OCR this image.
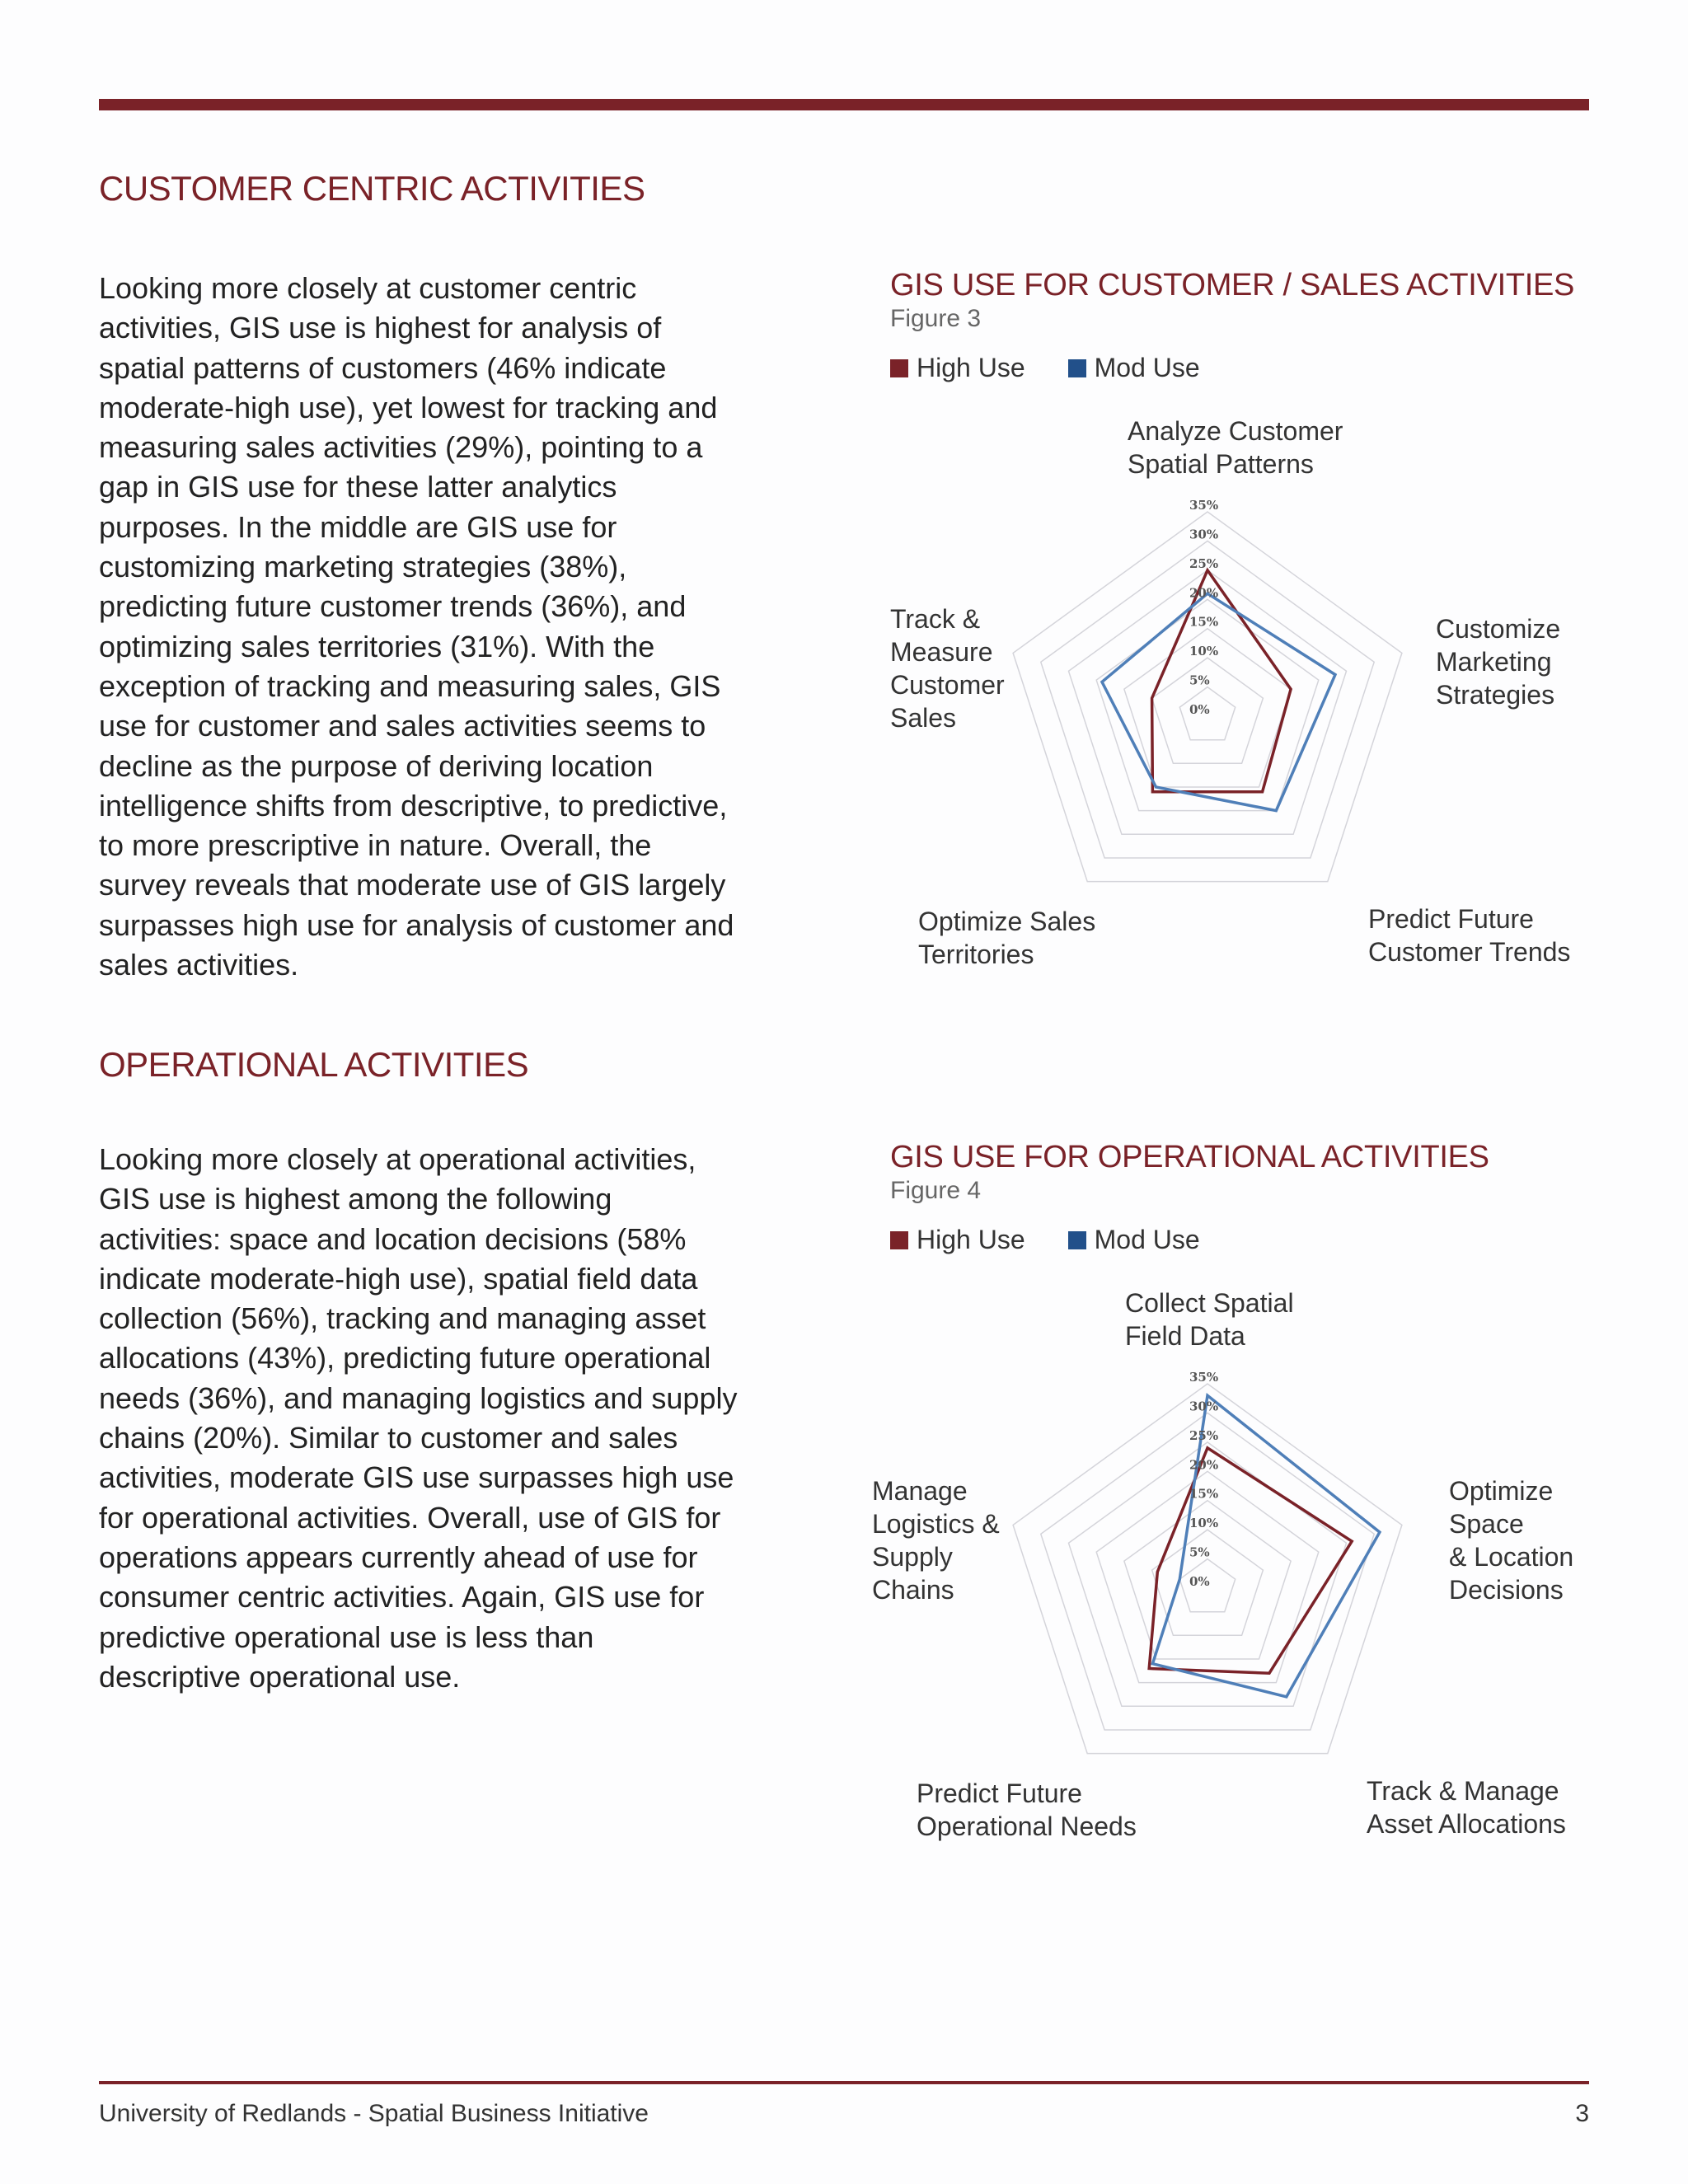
CUSTOMER CENTRIC ACTIVITIES

Looking more closely at customer centric activities, GIS use is highest for analysis of spatial patterns of customers (46% indicate moderate-high use), yet lowest for tracking and measuring sales activities (29%), pointing to a gap in GIS use for these latter analytics purposes. In the middle are GIS use for customizing marketing strategies (38%), predicting future customer trends (36%), and optimizing sales territories (31%). With the exception of tracking and measuring sales, GIS use for customer and sales activities seems to decline as the purpose of deriving location intelligence shifts from descriptive, to predictive, to more prescriptive in nature. Overall, the survey reveals that moderate use of GIS largely surpasses high use for analysis of customer and sales activities.

OPERATIONAL ACTIVITIES

Looking more closely at operational activities, GIS use is highest among the following activities: space and location decisions (58% indicate moderate-high use), spatial field data collection (56%), tracking and managing asset allocations (43%), predicting future operational needs (36%), and managing logistics and supply chains (20%). Similar to customer and sales activities, moderate GIS use surpasses high use for operational activities. Overall, use of GIS for operations appears currently ahead of use for consumer centric activities. Again, GIS use for predictive operational use is less than descriptive operational use.

GIS USE FOR CUSTOMER / SALES ACTIVITIES

Figure 3

High Use	Mod Use
0%
5%
10%
15%
20%
25%
30%
35%
Analyze Customer
Spatial Patterns
Customize
Marketing
Strategies
Predict Future
Customer Trends
Optimize Sales
Territories
Track &
Measure
Customer
Sales
GIS USE FOR OPERATIONAL ACTIVITIES

Figure 4

High Use	Mod Use
0%
5%
10%
15%
20%
25%
30%
35%
Collect Spatial
Field Data
Optimize
Space
& Location
Decisions
Track & Manage
Asset Allocations
Predict Future
Operational Needs
Manage
Logistics &
Supply
Chains
University of Redlands - Spatial Business Initiative	3
